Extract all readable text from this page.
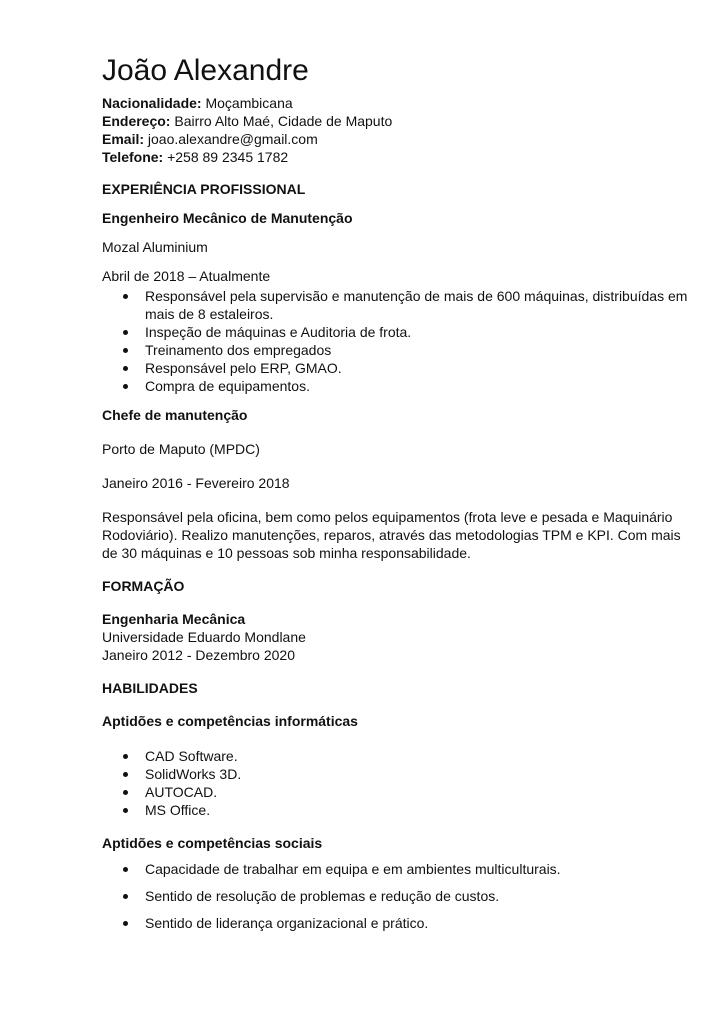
João Alexandre

Nacionalidade: Moçambicana

Endereço: Bairro Alto Maé, Cidade de Maputo

Email: joao.alexandre@gmail.com

Telefone: +258 89 2345 1782

EXPERIÊNCIA PROFISSIONAL

Engenheiro Mecânico de Manutenção

Mozal Aluminium

Abril de 2018 – Atualmente

Responsável pela supervisão e manutenção de mais de 600 máquinas, distribuídas em mais de 8 estaleiros.
Inspeção de máquinas e Auditoria de frota.
Treinamento dos empregados
Responsável pelo ERP, GMAO.
Compra de equipamentos.

Chefe de manutenção

Porto de Maputo (MPDC)

Janeiro 2016 - Fevereiro 2018

Responsável pela oficina, bem como pelos equipamentos (frota leve e pesada e Maquinário Rodoviário). Realizo manutenções, reparos, através das metodologias TPM e KPI. Com mais de 30 máquinas e 10 pessoas sob minha responsabilidade.

FORMAÇÃO

Engenharia Mecânica

Universidade Eduardo Mondlane

Janeiro 2012 - Dezembro 2020

HABILIDADES

Aptidões e competências informáticas

CAD Software.
SolidWorks 3D.
AUTOCAD.
MS Office.

Aptidões e competências sociais

Capacidade de trabalhar em equipa e em ambientes multiculturais.
Sentido de resolução de problemas e redução de custos.
Sentido de liderança organizacional e prático.
